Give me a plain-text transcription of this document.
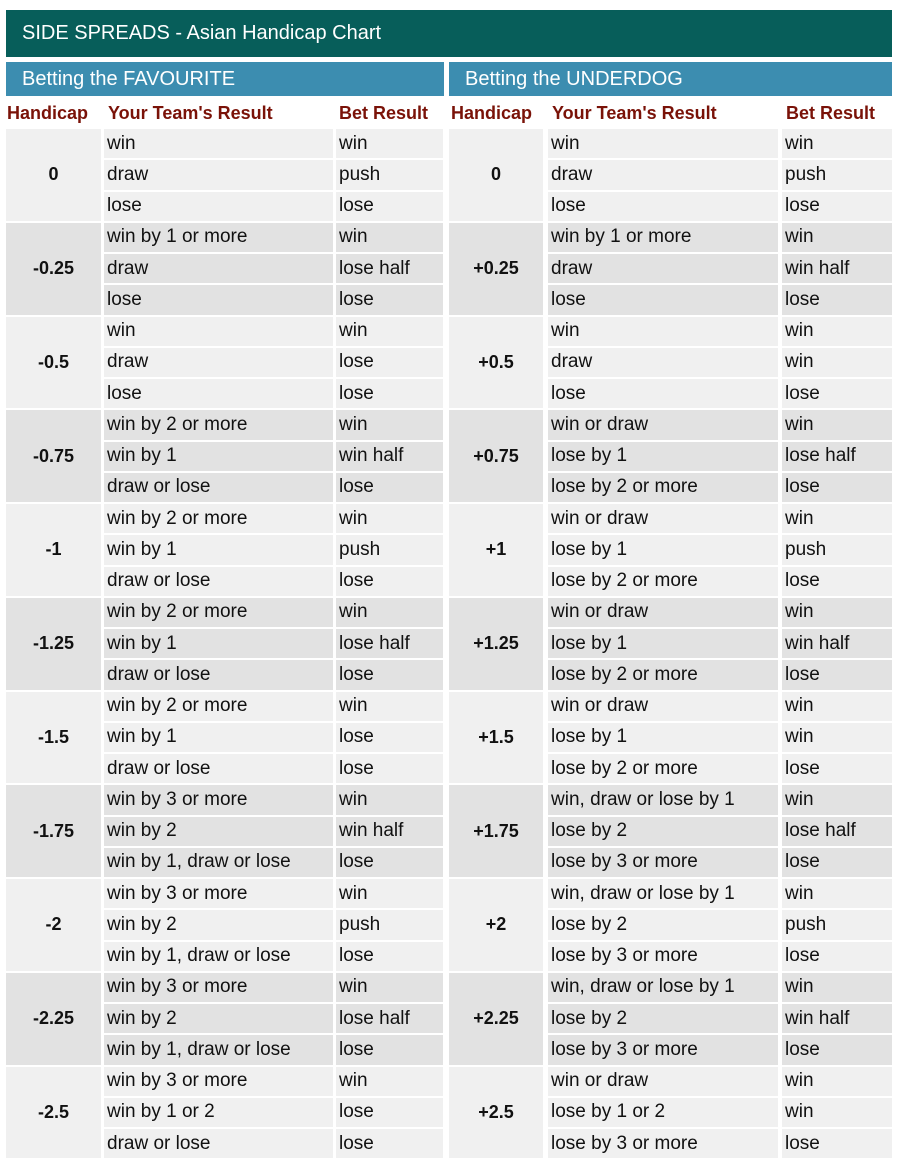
SIDE SPREADS - Asian Handicap Chart
Betting the FAVOURITE	Betting the UNDERDOG
Handicap Your Team's Result	Bet Result Handicap Your Team's Result	Bet Result
0	0
win	win	win	win
draw	push	draw	push
lose	lose	lose	lose
-0.25	+0.25
win by 1 or more	win	win by 1 or more	win
draw	lose half	draw	win half
lose	lose	lose	lose
-0.5	+0.5
win	win	win	win
draw	lose	draw	win
lose	lose	lose	lose
-0.75	+0.75
win by 2 or more	win	win or draw	win
win by 1	win half	lose by 1	lose half
draw or lose	lose	lose by 2 or more	lose
-1	+1
win by 2 or more	win	win or draw	win
win by 1	push	lose by 1	push
draw or lose	lose	lose by 2 or more	lose
-1.25	+1.25
win by 2 or more	win	win or draw	win
win by 1	lose half	lose by 1	win half
draw or lose	lose	lose by 2 or more	lose
-1.5	+1.5
win by 2 or more	win	win or draw	win
win by 1	lose	lose by 1	win
draw or lose	lose	lose by 2 or more	lose
-1.75	+1.75
win by 3 or more	win	win, draw or lose by 1	win
win by 2	win half	lose by 2	lose half
win by 1, draw or lose	lose	lose by 3 or more	lose
-2	+2
win by 3 or more	win	win, draw or lose by 1	win
win by 2	push	lose by 2	push
win by 1, draw or lose	lose	lose by 3 or more	lose
-2.25	+2.25
win by 3 or more	win	win, draw or lose by 1	win
win by 2	lose half	lose by 2	win half
win by 1, draw or lose	lose	lose by 3 or more	lose
-2.5	+2.5
win by 3 or more	win	win or draw	win
win by 1 or 2	lose	lose by 1 or 2	win
draw or lose	lose	lose by 3 or more	lose
